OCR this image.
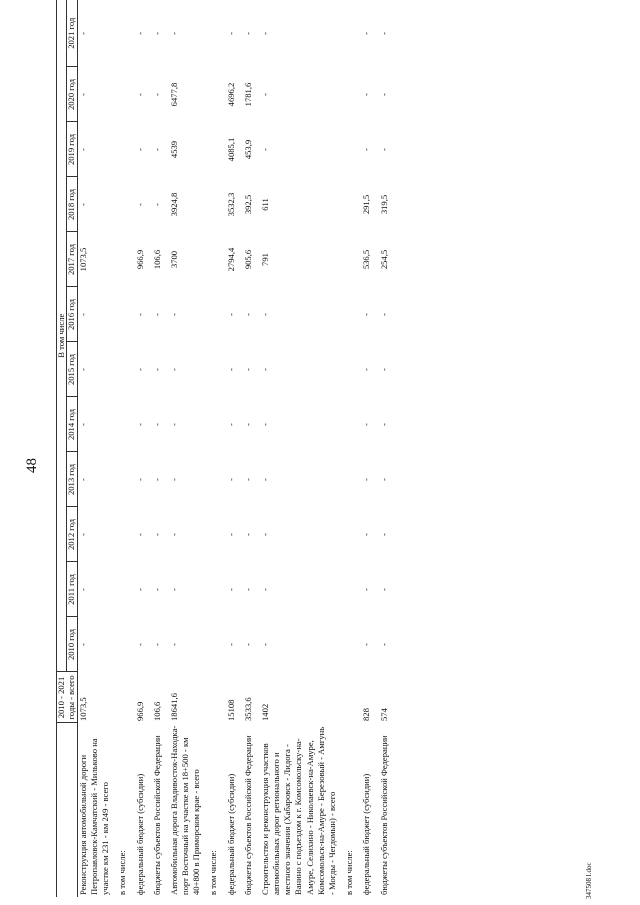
48
	2010 - 2021	В том числе											
		2010 год	2011 год	2012 год	2013 год	2014 год	2015 год	2016 год	2017 год	2018 год	2019 год	2020 год	2021 год
	годы - всего												
Реконструкция автомобильной дороги Петропавловск-Камчатский - Мильково на участке км 231 - км 249 - всего	1073,5	-	-	-	-	-	-	-	1073,5	-	-	-	-

в том числе:													

федеральный бюджет (субсидии)	966,9	-	-	-	-	-	-	-	966,9	-	-	-	-

бюджеты субъектов Российской Федерации	106,6	-	-	-	-	-	-	-	106,6	-	-	-	-

Автомобильная дорога Владивосток-Находка-порт Восточный на участке км 18+500 - км 40+800 в Приморском крае - всего	18641,6	-	-	-	-	-	-	-	3700	3924,8	4539	6477,8	-

в том числе:													

федеральный бюджет (субсидии)	15108	-	-	-	-	-	-	-	2794,4	3532,3	4085,1	4696,2	-

бюджеты субъектов Российской Федерации	3533,6	-	-	-	-	-	-	-	905,6	392,5	453,9	1781,6	-

Строительство и реконструкция участков автомобильных дорог регионального и местного значения (Хабаровск - Лидога - Ванино с подъездом к г. Комсомольску-на-Амуре, Селихино - Николаевск-на-Амуре, Комсомольск-на-Амуре - Березовый - Амгунь - Могды - Чегдомын) - всего	1402	-	-	-	-	-	-	-	791	611	-	-	-

в том числе:													

федеральный бюджет (субсидии)	828	-	-	-	-	-	-	-	536,5	291,5	-	-	-

бюджеты субъектов Российской Федерации	574	-	-	-	-	-	-	-	254,5	319,5	-	-	-
347508 l.doc
